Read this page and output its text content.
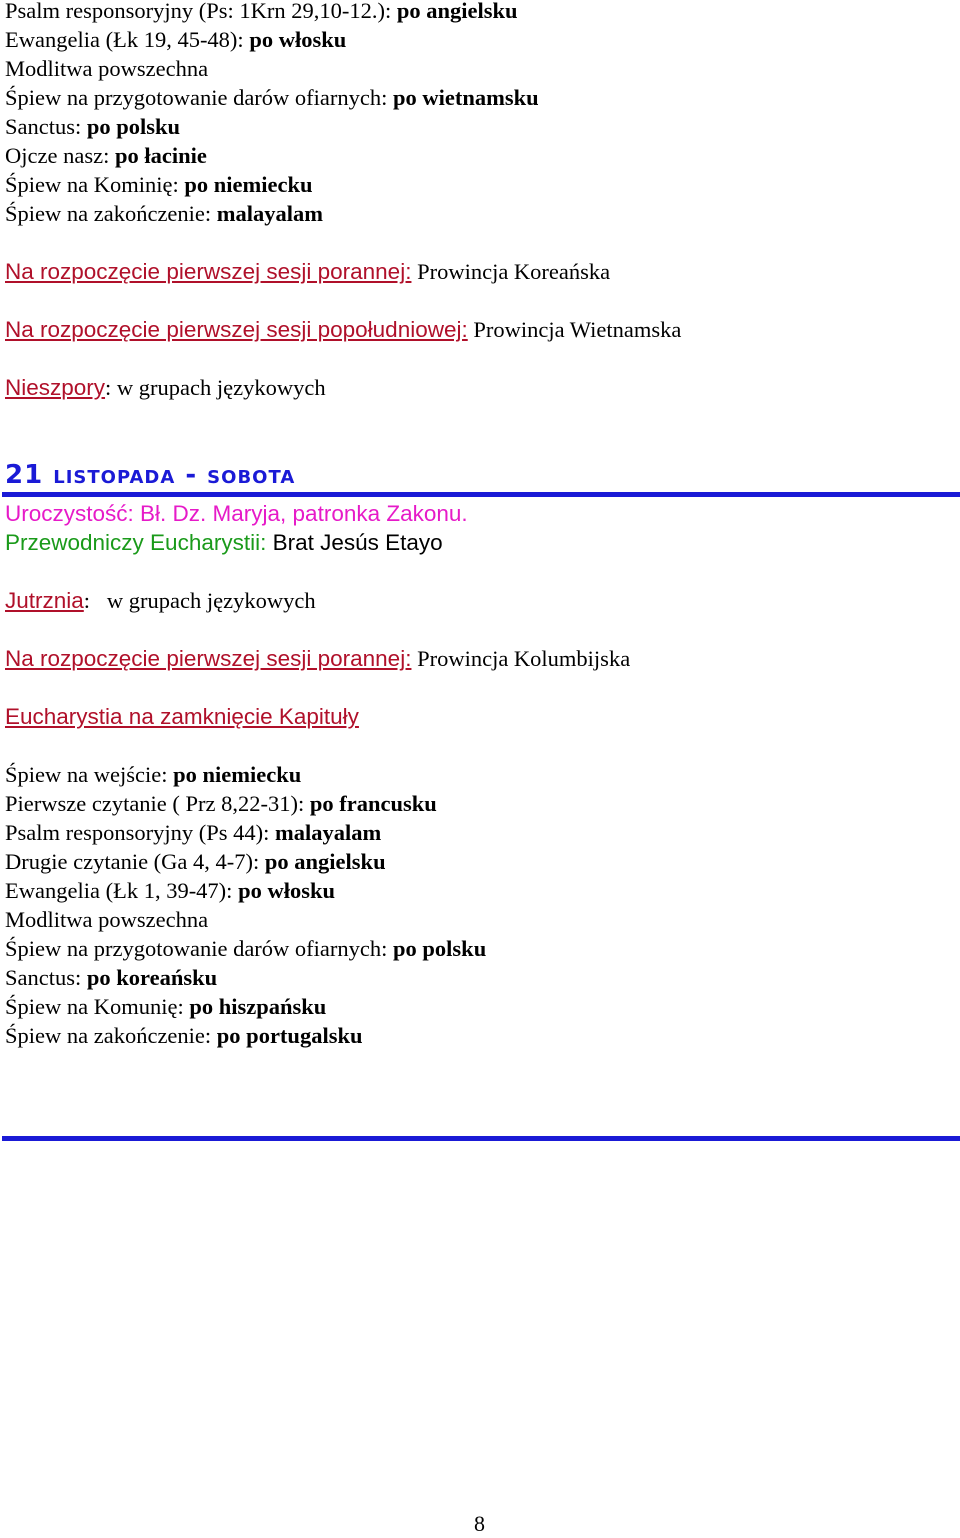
Psalm responsoryjny (Ps: 1Krn 29,10-12.): po angielsku
Ewangelia (Łk 19, 45-48): po włosku
Modlitwa powszechna
Śpiew na przygotowanie darów ofiarnych: po wietnamsku
Sanctus: po polsku
Ojcze nasz: po łacinie
Śpiew na Kominię: po niemiecku
Śpiew na zakończenie: malayalam
Na rozpoczęcie pierwszej sesji porannej: Prowincja Koreańska
Na rozpoczęcie pierwszej sesji popołudniowej: Prowincja Wietnamska
Nieszpory: w grupach językowych
21 listopada - sobota
Uroczystość: Bł. Dz. Maryja, patronka Zakonu.
Przewodniczy Eucharystii: Brat Jesús Etayo
Jutrznia:   w grupach językowych
Na rozpoczęcie pierwszej sesji porannej: Prowincja Kolumbijska
Eucharystia na zamknięcie Kapituły
Śpiew na wejście: po niemiecku
Pierwsze czytanie ( Prz 8,22-31): po francusku
Psalm responsoryjny (Ps 44): malayalam
Drugie czytanie (Ga 4, 4-7): po angielsku
Ewangelia (Łk 1, 39-47): po włosku
Modlitwa powszechna
Śpiew na przygotowanie darów ofiarnych: po polsku
Sanctus: po koreańsku
Śpiew na Komunię: po hiszpańsku
Śpiew na zakończenie: po portugalsku
8
